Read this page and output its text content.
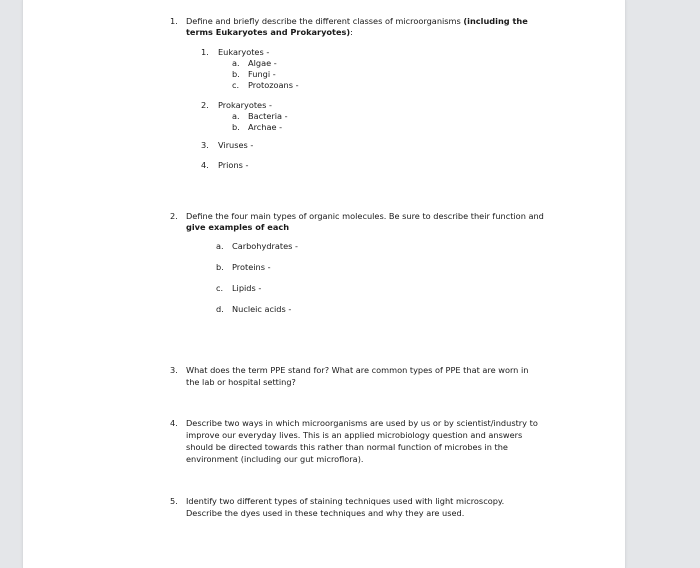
1. Define and briefly describe the different classes of microorganisms (including the
terms Eukaryotes and Prokaryotes):
1. Eukaryotes -
a. Algae -
b. Fungi -
c. Protozoans -
2. Prokaryotes -
a. Bacteria -
b. Archae -
3. Viruses -
4. Prions -
2. Define the four main types of organic molecules. Be sure to describe their function and
give examples of each
a. Carbohydrates -
b. Proteins -
c. Lipids -
d. Nucleic acids -
3. What does the term PPE stand for? What are common types of PPE that are worn in
the lab or hospital setting?
4. Describe two ways in which microorganisms are used by us or by scientist/industry to
improve our everyday lives. This is an applied microbiology question and answers
should be directed towards this rather than normal function of microbes in the
environment (including our gut microflora).
5. Identify two different types of staining techniques used with light microscopy.
Describe the dyes used in these techniques and why they are used.
